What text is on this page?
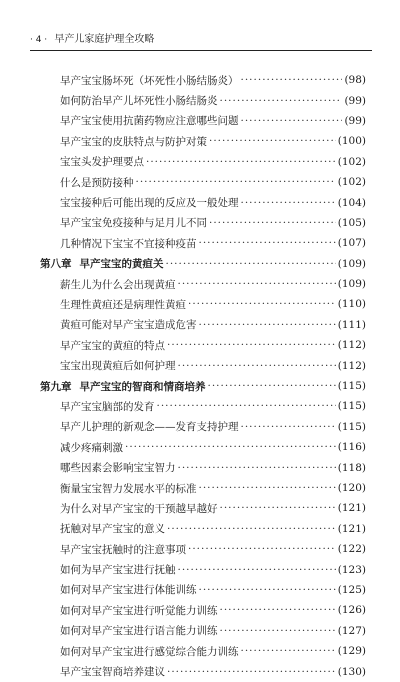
· 4 · 早产儿家庭护理全攻略
早产宝宝肠坏死（坏死性小肠结肠炎） ·····	(98)
如何防治早产儿坏死性小肠结肠炎 ·····	(99)
早产宝宝使用抗菌药物应注意哪些问题 ·····	(99)
早产宝宝的皮肤特点与防护对策 ·····	(100)
宝宝头发护理要点 ·····	(102)
什么是预防接种 ·····	(102)
宝宝接种后可能出现的反应及一般处理 ·····	(104)
早产宝宝免疫接种与足月儿不同 ·····	(105)
几种情况下宝宝不宜接种疫苗 ·····	(107)
第八章 早产宝宝的黄疸关 ·····	(109)
薪生儿为什么会出现黄疸 ·····	(109)
生理性黄疸还是病理性黄疸 ·····	(110)
黄疸可能对早产宝宝造成危害 ·····	(111)
早产宝宝的黄疸的特点 ·····	(112)
宝宝出现黄疸后如何护理 ·····	(112)
第九章 早产宝宝的智商和情商培养 ·····	(115)
早产宝宝脑部的发育 ·····	(115)
早产儿护理的新观念——发育支持护理 ·····	(115)
减少疼痛刺激 ·····	(116)
哪些因素会影响宝宝智力 ·····	(118)
衡量宝宝智力发展水平的标准 ·····	(120)
为什么对早产宝宝的干预越早越好 ·····	(121)
抚触对早产宝宝的意义 ·····	(121)
早产宝宝抚触时的注意事项 ·····	(122)
如何为早产宝宝进行抚触 ·····	(123)
如何对早产宝宝进行体能训练 ·····	(125)
如何对早产宝宝进行听觉能力训练 ·····	(126)
如何对早产宝宝进行语言能力训练 ·····	(127)
如何对早产宝宝进行感觉综合能力训练 ·····	(129)
早产宝宝智商培养建议 ·····	(130)
